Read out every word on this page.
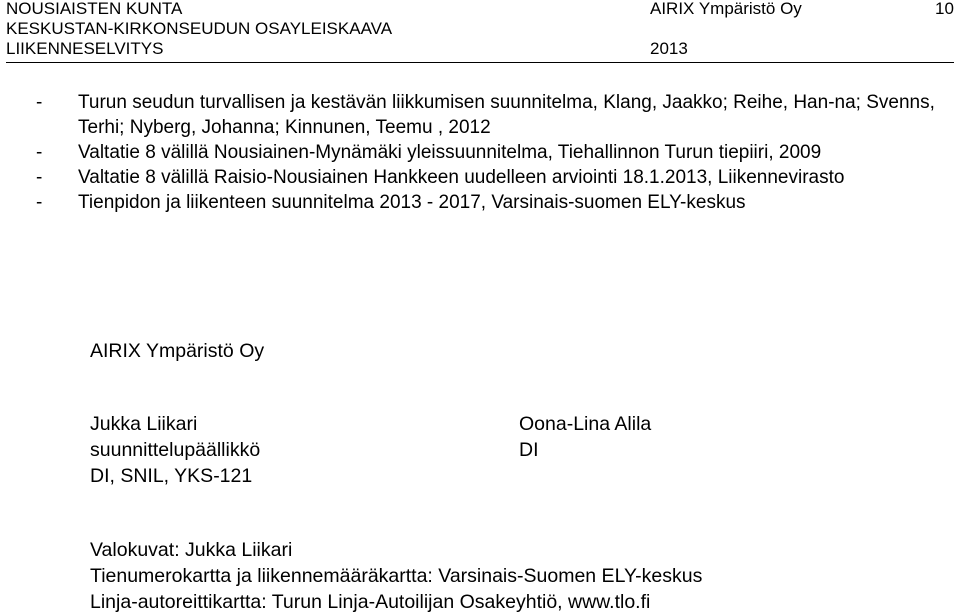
NOUSIAISTEN KUNTA
KESKUSTAN-KIRKONSEUDUN OSAYLEISKAAVA
LIIKENNESELVITYS
AIRIX Ympäristö Oy
2013
10
- Turun seudun turvallisen ja kestävän liikkumisen suunnitelma, Klang, Jaakko; Reihe, Han-na; Svenns, Terhi; Nyberg, Johanna; Kinnunen, Teemu , 2012
- Valtatie 8 välillä Nousiainen-Mynämäki yleissuunnitelma, Tiehallinnon Turun tiepiiri, 2009
- Valtatie 8 välillä Raisio-Nousiainen Hankkeen uudelleen arviointi 18.1.2013, Liikennevirasto
- Tienpidon ja liikenteen suunnitelma 2013 - 2017, Varsinais-suomen ELY-keskus
AIRIX Ympäristö Oy
Jukka Liikari
suunnittelupäällikkö
DI, SNIL, YKS-121
Oona-Lina Alila
DI
Valokuvat: Jukka Liikari
Tienumerokartta ja liikennemääräkartta: Varsinais-Suomen ELY-keskus
Linja-autoreittikartta: Turun Linja-Autoilijan Osakeyhtiö, www.tlo.fi
